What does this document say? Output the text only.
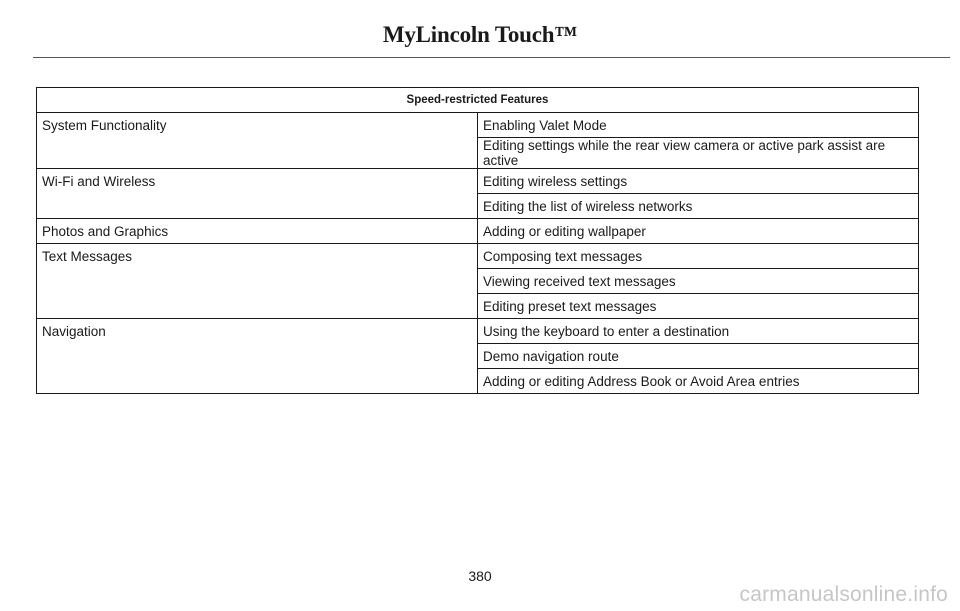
MyLincoln Touch™
Speed-restricted Features	
System Functionality	Enabling Valet Mode
	Editing settings while the rear view camera or active park assist are active
Wi-Fi and Wireless	Editing wireless settings
	Editing the list of wireless networks
Photos and Graphics	Adding or editing wallpaper
Text Messages	Composing text messages
	Viewing received text messages
	Editing preset text messages
Navigation	Using the keyboard to enter a destination
	Demo navigation route
	Adding or editing Address Book or Avoid Area entries
380
carmanualsonline.info
